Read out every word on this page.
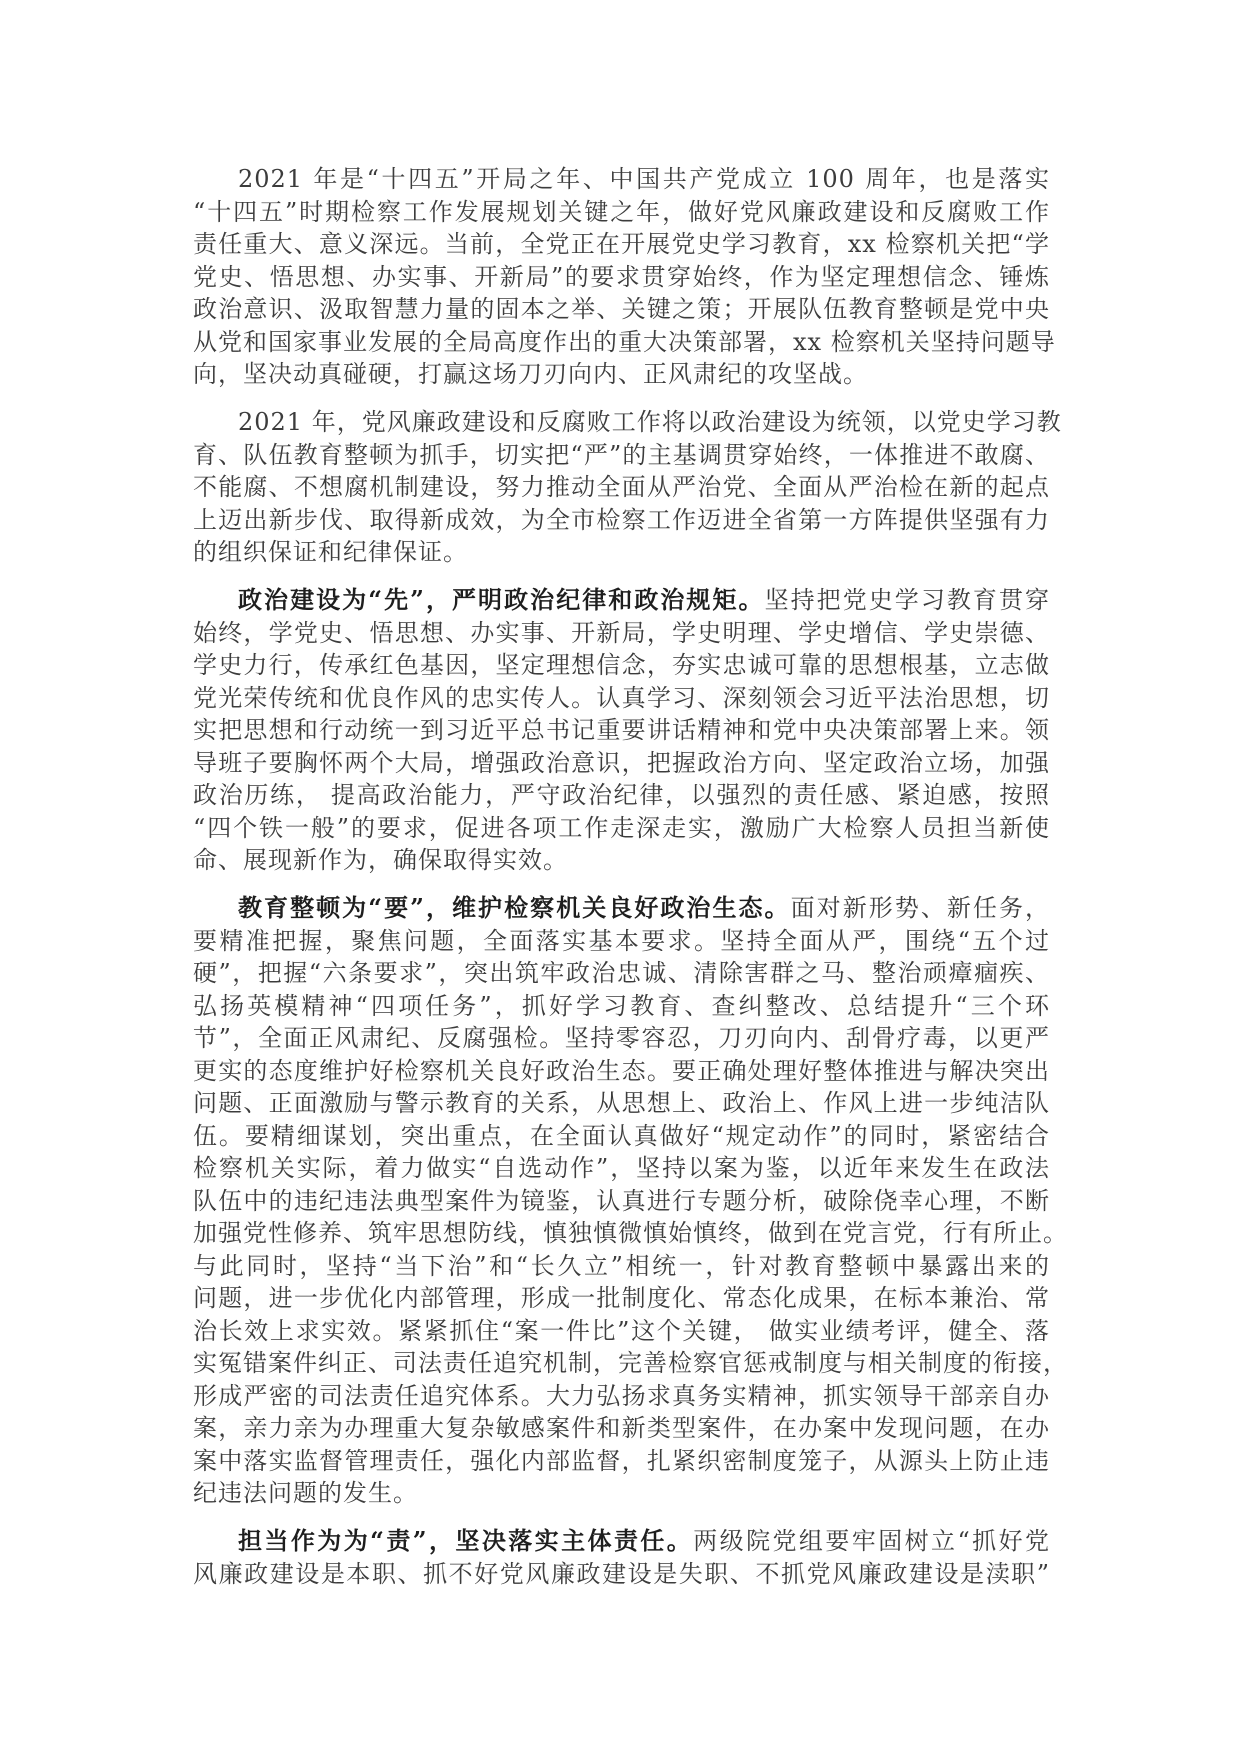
2021 年是“十四五”开局之年、中国共产党成立 100 周年，也是落实
“十四五”时期检察工作发展规划关键之年，做好党风廉政建设和反腐败工作
责任重大、意义深远。当前，全党正在开展党史学习教育，xx 检察机关把“学
党史、悟思想、办实事、开新局”的要求贯穿始终，作为坚定理想信念、锤炼
政治意识、汲取智慧力量的固本之举、关键之策；开展队伍教育整顿是党中央
从党和国家事业发展的全局高度作出的重大决策部署，xx 检察机关坚持问题导
向，坚决动真碰硬，打赢这场刀刃向内、正风肃纪的攻坚战。
2021 年，党风廉政建设和反腐败工作将以政治建设为统领，以党史学习教
育、队伍教育整顿为抓手，切实把“严”的主基调贯穿始终，一体推进不敢腐、
不能腐、不想腐机制建设，努力推动全面从严治党、全面从严治检在新的起点
上迈出新步伐、取得新成效，为全市检察工作迈进全省第一方阵提供坚强有力
的组织保证和纪律保证。
政治建设为“先”，严明政治纪律和政治规矩。坚持把党史学习教育贯穿
始终，学党史、悟思想、办实事、开新局，学史明理、学史增信、学史崇德、
学史力行，传承红色基因，坚定理想信念，夯实忠诚可靠的思想根基，立志做
党光荣传统和优良作风的忠实传人。认真学习、深刻领会习近平法治思想，切
实把思想和行动统一到习近平总书记重要讲话精神和党中央决策部署上来。领
导班子要胸怀两个大局，增强政治意识，把握政治方向、坚定政治立场，加强
政治历练， 提高政治能力，严守政治纪律，以强烈的责任感、紧迫感，按照
“四个铁一般”的要求，促进各项工作走深走实，激励广大检察人员担当新使
命、展现新作为，确保取得实效。
教育整顿为“要”，维护检察机关良好政治生态。面对新形势、新任务，
要精准把握，聚焦问题，全面落实基本要求。坚持全面从严，围绕“五个过
硬”，把握“六条要求”，突出筑牢政治忠诚、清除害群之马、整治顽瘴痼疾、
弘扬英模精神“四项任务”，抓好学习教育、查纠整改、总结提升“三个环
节”，全面正风肃纪、反腐强检。坚持零容忍，刀刃向内、刮骨疗毒，以更严
更实的态度维护好检察机关良好政治生态。要正确处理好整体推进与解决突出
问题、正面激励与警示教育的关系，从思想上、政治上、作风上进一步纯洁队
伍。要精细谋划，突出重点，在全面认真做好“规定动作”的同时，紧密结合
检察机关实际，着力做实“自选动作”，坚持以案为鉴，以近年来发生在政法
队伍中的违纪违法典型案件为镜鉴，认真进行专题分析，破除侥幸心理，不断
加强党性修养、筑牢思想防线，慎独慎微慎始慎终，做到在党言党，行有所止。
与此同时，坚持“当下治”和“长久立”相统一，针对教育整顿中暴露出来的
问题，进一步优化内部管理，形成一批制度化、常态化成果，在标本兼治、常
治长效上求实效。紧紧抓住“案一件比”这个关键， 做实业绩考评，健全、落
实冤错案件纠正、司法责任追究机制，完善检察官惩戒制度与相关制度的衔接，
形成严密的司法责任追究体系。大力弘扬求真务实精神，抓实领导干部亲自办
案，亲力亲为办理重大复杂敏感案件和新类型案件，在办案中发现问题，在办
案中落实监督管理责任，强化内部监督，扎紧织密制度笼子，从源头上防止违
纪违法问题的发生。
担当作为为“责”，坚决落实主体责任。两级院党组要牢固树立“抓好党
风廉政建设是本职、抓不好党风廉政建设是失职、不抓党风廉政建设是渎职”
